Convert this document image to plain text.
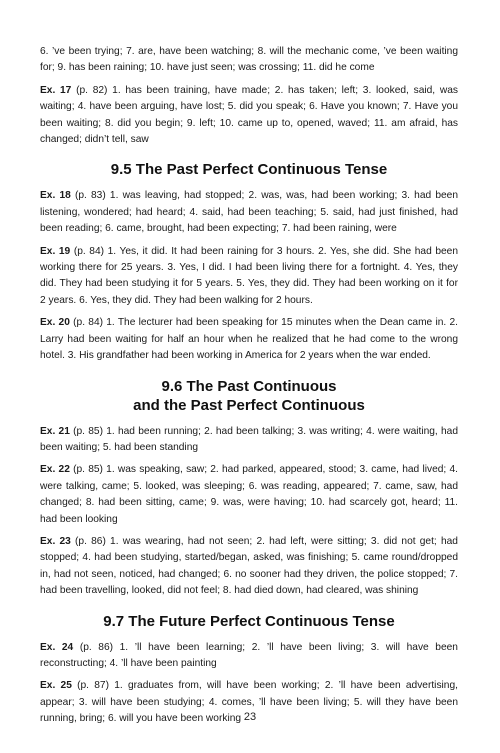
6. ’ve been trying; 7. are, have been watching; 8. will the mechanic come, ’ve been waiting for; 9. has been raining; 10. have just seen; was crossing; 11. did he come

Ex. 17 (p. 82) 1. has been training, have made; 2. has taken; left; 3. looked, said, was waiting; 4. have been arguing, have lost; 5. did you speak; 6. Have you known; 7. Have you been waiting; 8. did you begin; 9. left; 10. came up to, opened, waved; 11. am afraid, has changed; didn’t tell, saw

9.5 The Past Perfect Continuous Tense

Ex. 18 (p. 83) 1. was leaving, had stopped; 2. was, was, had been working; 3. had been listening, wondered; had heard; 4. said, had been teaching; 5. said, had just finished, had been reading; 6. came, brought, had been expecting; 7. had been raining, were

Ex. 19 (p. 84) 1. Yes, it did. It had been raining for 3 hours. 2. Yes, she did. She had been working there for 25 years. 3. Yes, I did. I had been living there for a fortnight. 4. Yes, they did. They had been studying it for 5 years. 5. Yes, they did. They had been working on it for 2 years. 6. Yes, they did. They had been walking for 2 hours.

Ex. 20 (p. 84) 1. The lecturer had been speaking for 15 minutes when the Dean came in. 2. Larry had been waiting for half an hour when he realized that he had come to the wrong hotel. 3. His grandfather had been working in America for 2 years when the war ended.

9.6 The Past Continuous
and the Past Perfect Continuous

Ex. 21 (p. 85) 1. had been running; 2. had been talking; 3. was writing; 4. were waiting, had been waiting; 5. had been standing

Ex. 22 (p. 85) 1. was speaking, saw; 2. had parked, appeared, stood; 3. came, had lived; 4. were talking, came; 5. looked, was sleeping; 6. was reading, appeared; 7. came, saw, had changed; 8. had been sitting, came; 9. was, were having; 10. had scarcely got, heard; 11. had been looking

Ex. 23 (p. 86) 1. was wearing, had not seen; 2. had left, were sitting; 3. did not get; had stopped; 4. had been studying, started/began, asked, was finishing; 5. came round/dropped in, had not seen, noticed, had changed; 6. no sooner had they driven, the police stopped; 7. had been travelling, looked, did not feel; 8. had died down, had cleared, was shining

9.7 The Future Perfect Continuous Tense

Ex. 24 (p. 86) 1. ’ll have been learning; 2. ’ll have been living; 3. will have been reconstructing; 4. ’ll have been painting

Ex. 25 (p. 87) 1. graduates from, will have been working; 2. ’ll have been advertising, appear; 3. will have been studying; 4. comes, ’ll have been living; 5. will they have been running, bring; 6. will you have been working 23
